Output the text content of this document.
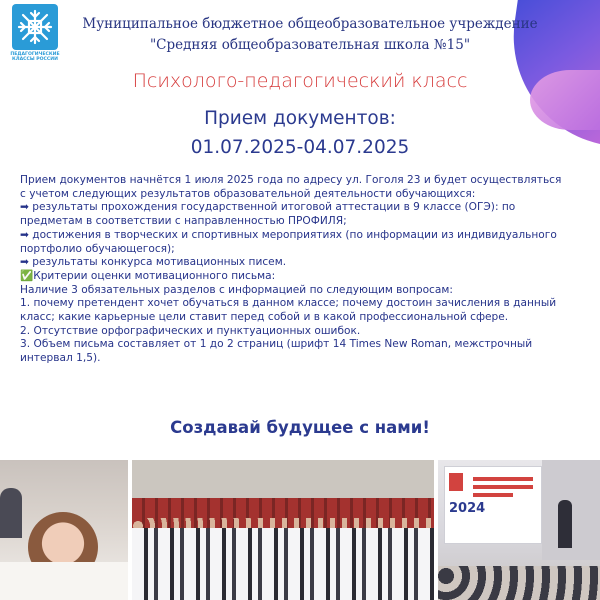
ПЕДАГОГИЧЕСКИЕ
КЛАССЫ РОССИИ
Муниципальное бюджетное общеобразовательное учреждение
"Средняя общеобразовательная школа №15"
Психолого-педагогический класс
Прием документов:
01.07.2025-04.07.2025

Прием документов начнётся 1 июля 2025 года по адресу ул. Гоголя 23 и будет осуществляться

с учетом следующих результатов образовательной деятельности обучающихся:

➡ результаты прохождения государственной итоговой аттестации в 9 классе (ОГЭ): по

предметам в соответствии с направленностью ПРОФИЛЯ;

➡ достижения в творческих и спортивных мероприятиях (по информации из индивидуального

портфолио обучающегося);

➡ результаты конкурса мотивационных писем.

✅Критерии оценки мотивационного письма:

Наличие 3 обязательных разделов с информацией по следующим вопросам:

1. почему претендент хочет обучаться в данном классе; почему достоин зачисления в данный

класс; какие карьерные цели ставит перед собой и в какой профессиональной сфере.

2. Отсутствие орфографических и пунктуационных ошибок.

3. Объем письма составляет от 1 до 2 страниц (шрифт 14 Times New Roman, межстрочный

интервал 1,5).

Создавай будущее с нами!
2024
